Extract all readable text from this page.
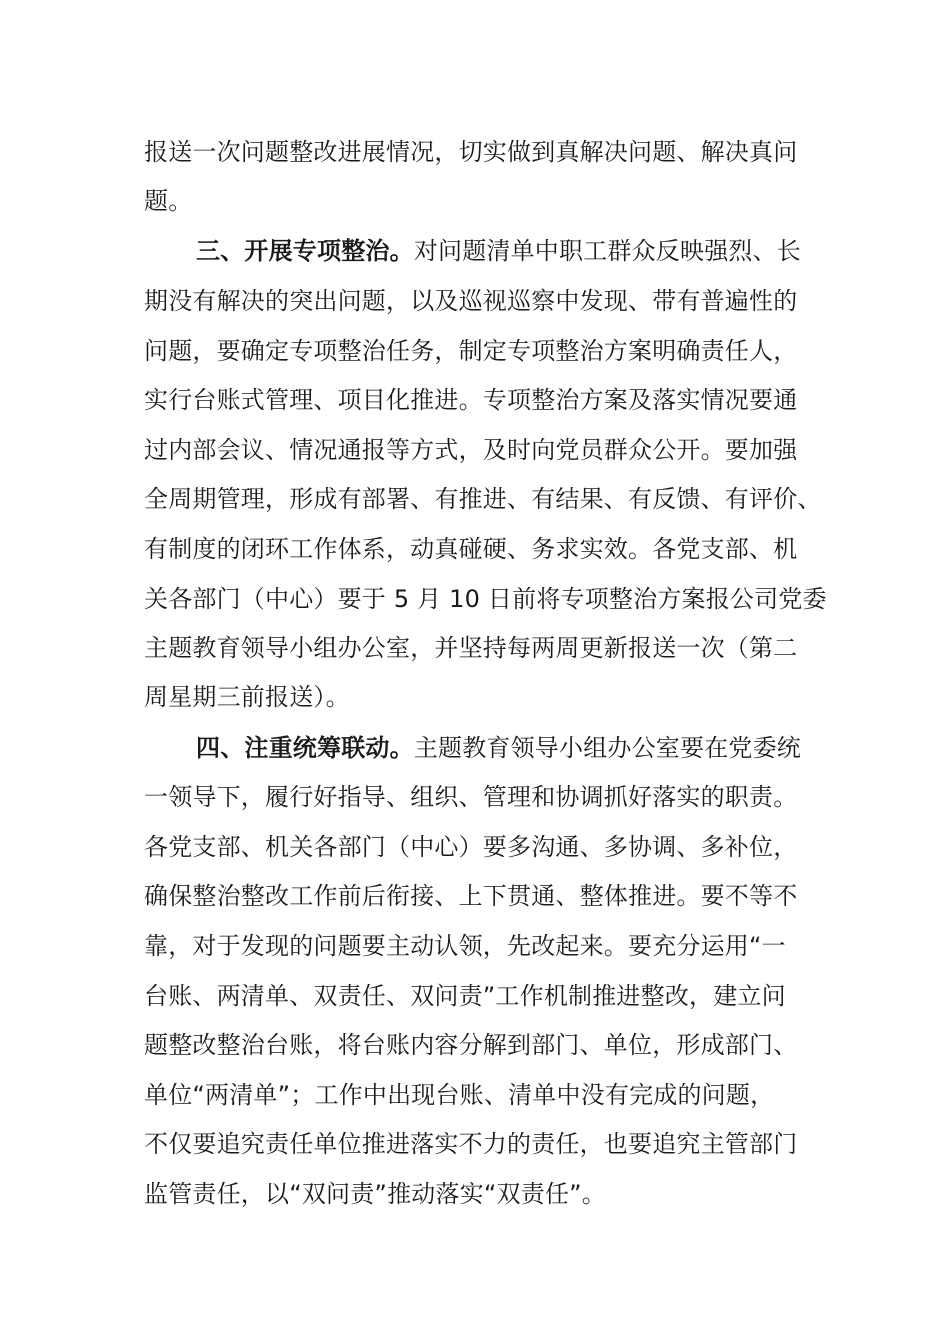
报送一次问题整改进展情况，切实做到真解决问题、解决真问
题。
三、开展专项整治。对问题清单中职工群众反映强烈、长
期没有解决的突出问题，以及巡视巡察中发现、带有普遍性的
问题，要确定专项整治任务，制定专项整治方案明确责任人，
实行台账式管理、项目化推进。专项整治方案及落实情况要通
过内部会议、情况通报等方式，及时向党员群众公开。要加强
全周期管理，形成有部署、有推进、有结果、有反馈、有评价、
有制度的闭环工作体系，动真碰硬、务求实效。各党支部、机
关各部门（中心）要于 5 月 10 日前将专项整治方案报公司党委
主题教育领导小组办公室，并坚持每两周更新报送一次（第二
周星期三前报送）。
四、注重统筹联动。主题教育领导小组办公室要在党委统
一领导下，履行好指导、组织、管理和协调抓好落实的职责。
各党支部、机关各部门（中心）要多沟通、多协调、多补位，
确保整治整改工作前后衔接、上下贯通、整体推进。要不等不
靠，对于发现的问题要主动认领，先改起来。要充分运用“一
台账、两清单、双责任、双问责”工作机制推进整改，建立问
题整改整治台账，将台账内容分解到部门、单位，形成部门、
单位“两清单”；工作中出现台账、清单中没有完成的问题，
不仅要追究责任单位推进落实不力的责任，也要追究主管部门
监管责任，以“双问责”推动落实“双责任”。
